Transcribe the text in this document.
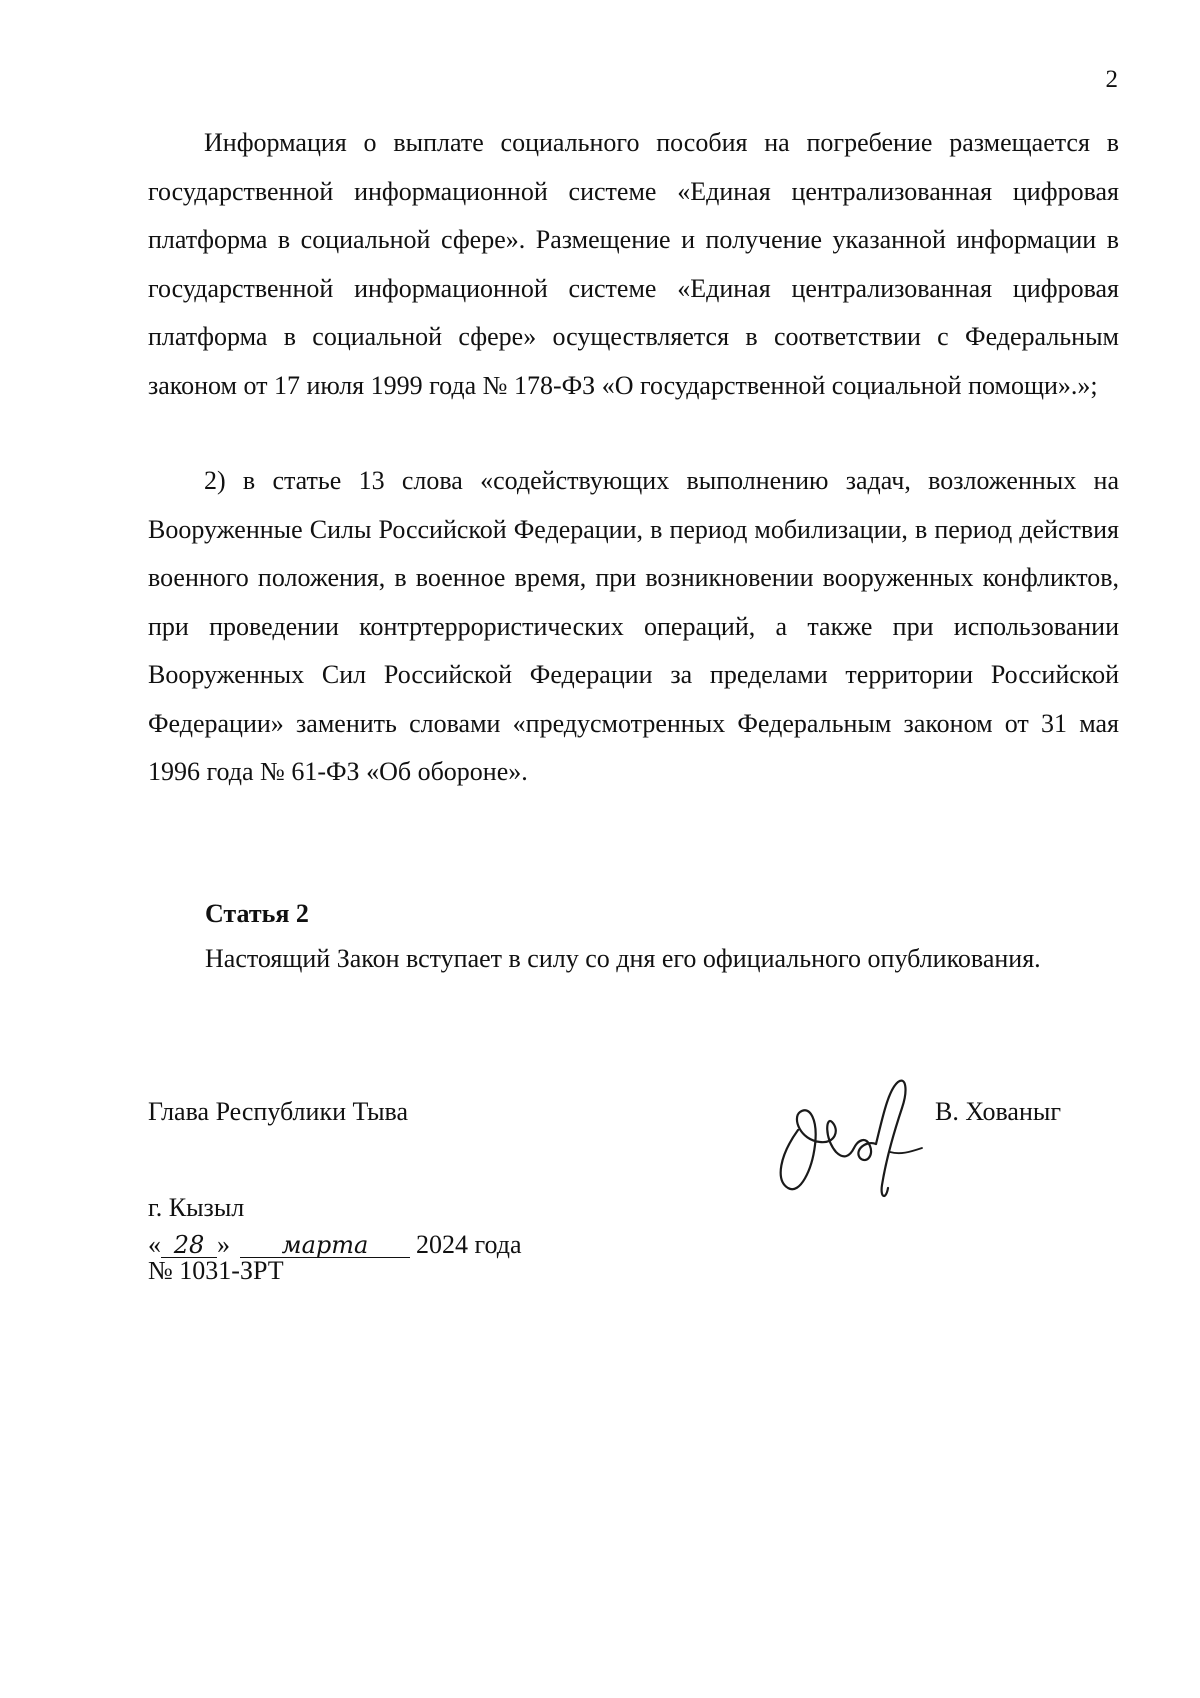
2

Информация о выплате социального пособия на погребение размещается в государственной информационной системе «Единая централизованная цифровая платформа в социальной сфере». Размещение и получение указанной информации в государственной информационной системе «Единая централизованная цифровая платформа в социальной сфере» осуществляется в соответствии с Федеральным законом от 17 июля 1999 года № 178-ФЗ «О государственной социальной помощи».»;

2) в статье 13 слова «содействующих выполнению задач, возложенных на Вооруженные Силы Российской Федерации, в период мобилизации, в период действия военного положения, в военное время, при возникновении вооруженных конфликтов, при проведении контртеррористических операций, а также при использовании Вооруженных Сил Российской Федерации за пределами территории Российской Федерации» заменить словами «предусмотренных Федеральным законом от 31 мая 1996 года № 61-ФЗ «Об обороне».

Статья 2
Настоящий Закон вступает в силу со дня его официального опубликования.
Глава Республики Тыва	В. Хованыг
г. Кызыл
« 28 » марта 2024 года
№ 1031-ЗРТ
